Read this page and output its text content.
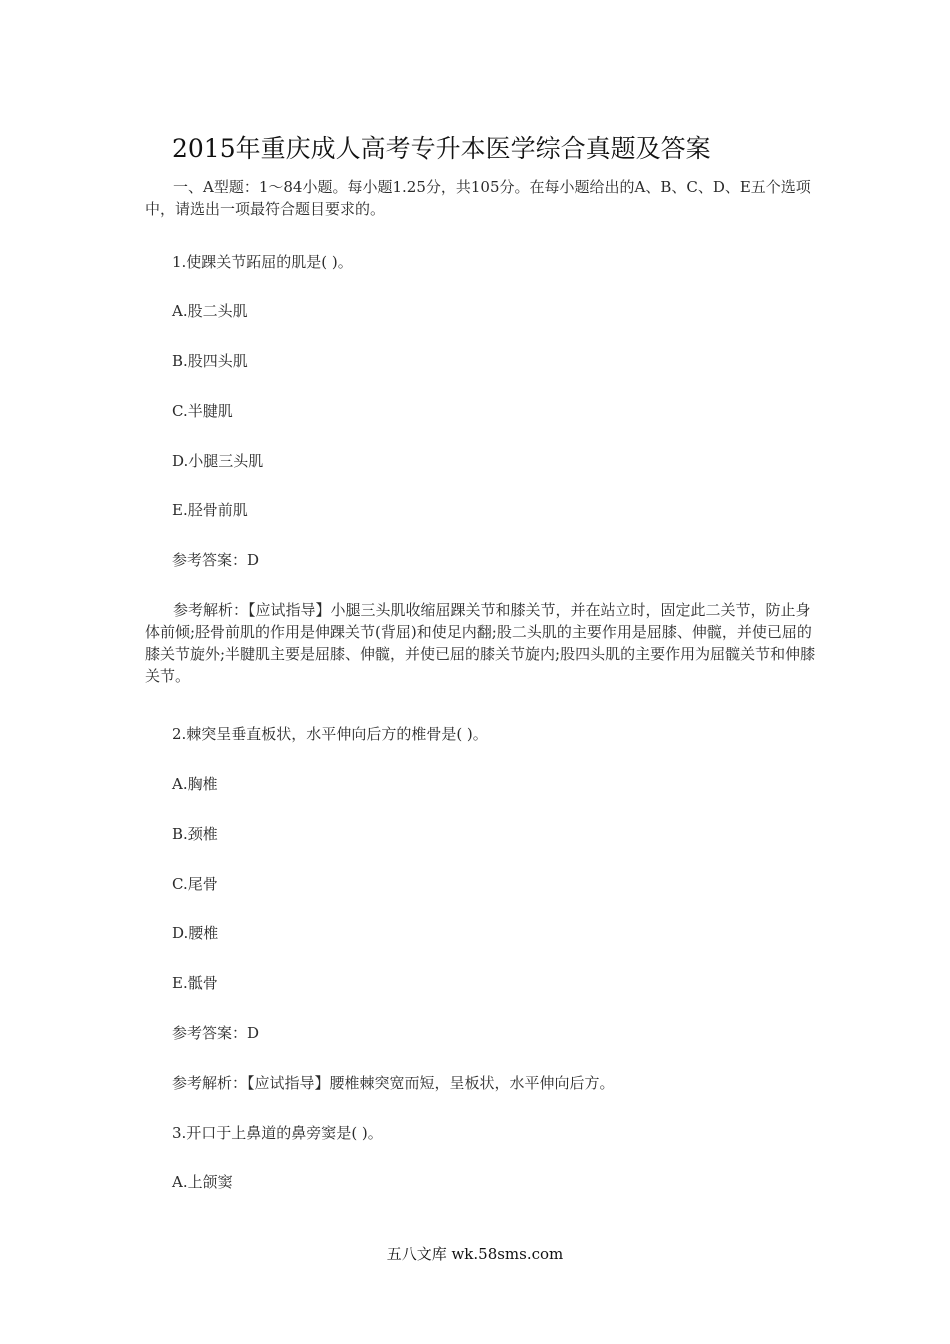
2015年重庆成人高考专升本医学综合真题及答案
一、A型题：1～84小题。每小题1.25分，共105分。在每小题给出的A、B、C、D、E五个选项中，请选出一项最符合题目要求的。
1.使踝关节跖屈的肌是( )。
A.股二头肌
B.股四头肌
C.半腱肌
D.小腿三头肌
E.胫骨前肌
参考答案：D
参考解析：【应试指导】小腿三头肌收缩屈踝关节和膝关节，并在站立时，固定此二关节，防止身体前倾;胫骨前肌的作用是伸踝关节(背屈)和使足内翻;股二头肌的主要作用是屈膝、伸髋，并使已屈的膝关节旋外;半腱肌主要是屈膝、伸髋，并使已屈的膝关节旋内;股四头肌的主要作用为屈髋关节和伸膝关节。
2.棘突呈垂直板状，水平伸向后方的椎骨是( )。
A.胸椎
B.颈椎
C.尾骨
D.腰椎
E.骶骨
参考答案：D
参考解析：【应试指导】腰椎棘突宽而短，呈板状，水平伸向后方。
3.开口于上鼻道的鼻旁窦是( )。
A.上颌窦
五八文库 wk.58sms.com
